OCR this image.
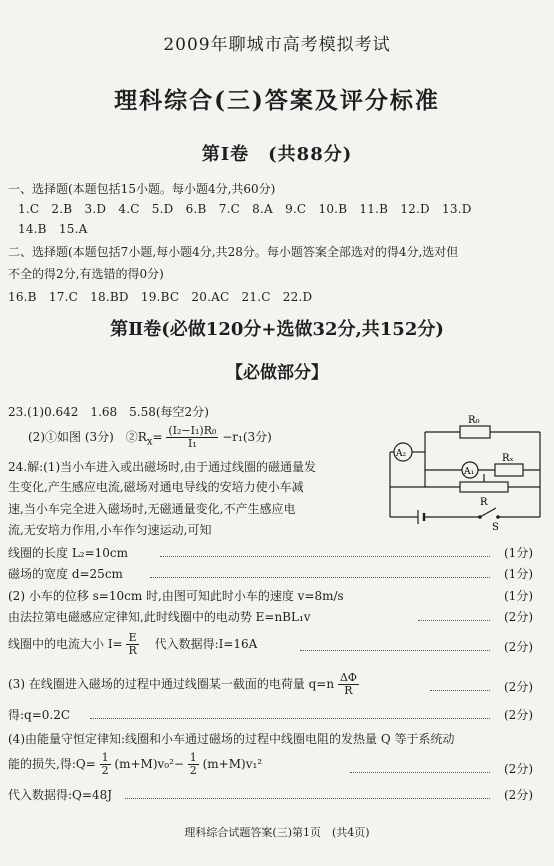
2009年聊城市高考模拟考试
理科综合(三)答案及评分标准
第Ⅰ卷　(共88分)
一、选择题(本题包括15小题。每小题4分,共60分)
1.C　2.B　3.D　4.C　5.D　6.B　7.C　8.A　9.C　10.B　11.B　12.D　13.D
14.B　15.A
二、选择题(本题包括7小题,每小题4分,共28分。每小题答案全部选对的得4分,选对但
不全的得2分,有选错的得0分)
16.B　17.C　18.BD　19.BC　20.AC　21.C　22.D
第Ⅱ卷(必做120分+选做32分,共152分)
【必做部分】
23.(1)0.642　1.68　5.58(每空2分)
(2)①如图 (3分)　$②R_x= \frac{\text{(I₂−I₁)R₀}}{\text{I₁}} -r_1(3$分)
A₂
A₁
R₀
Rₓ
R
S
24.解:(1)当小车进入或出磁场时,由于通过线圈的磁通量发
生变化,产生感应电流,磁场对通电导线的安培力使小车减
速,当小车完全进入磁场时,无磁通量变化,不产生感应电
流,无安培力作用,小车作匀速运动,可知
线圈的长度 L₂=10cm	(1分)
磁场的宽度 d=25cm	(1分)
(2) 小车的位移 s=10cm 时,由图可知此时小车的速度 v=8m/s	(1分)
由法拉第电磁感应定律知,此时线圈中的电动势 E=nBL₁v	(2分)
线圈中的电流大小 $I= \frac{E}{R}$ 　代入数据得:I=16A	(2分)
(3) 在线圈进入磁场的过程中通过线圈某一截面的电荷量 $q=n \frac{\Delta\Phi}{R}$	(2分)
得:q=0.2C	(2分)
(4)由能量守恒定律知:线圈和小车通过磁场的过程中线圈电阻的发热量 Q 等于系统动
能的损失,得:Q= $\frac{1}{2} (m+M)v_0^2- \frac{1}{2} (m+M)v_1^2$	(2分)
代入数据得:Q=48J	(2分)
理科综合试题答案(三)第1页　(共4页)
